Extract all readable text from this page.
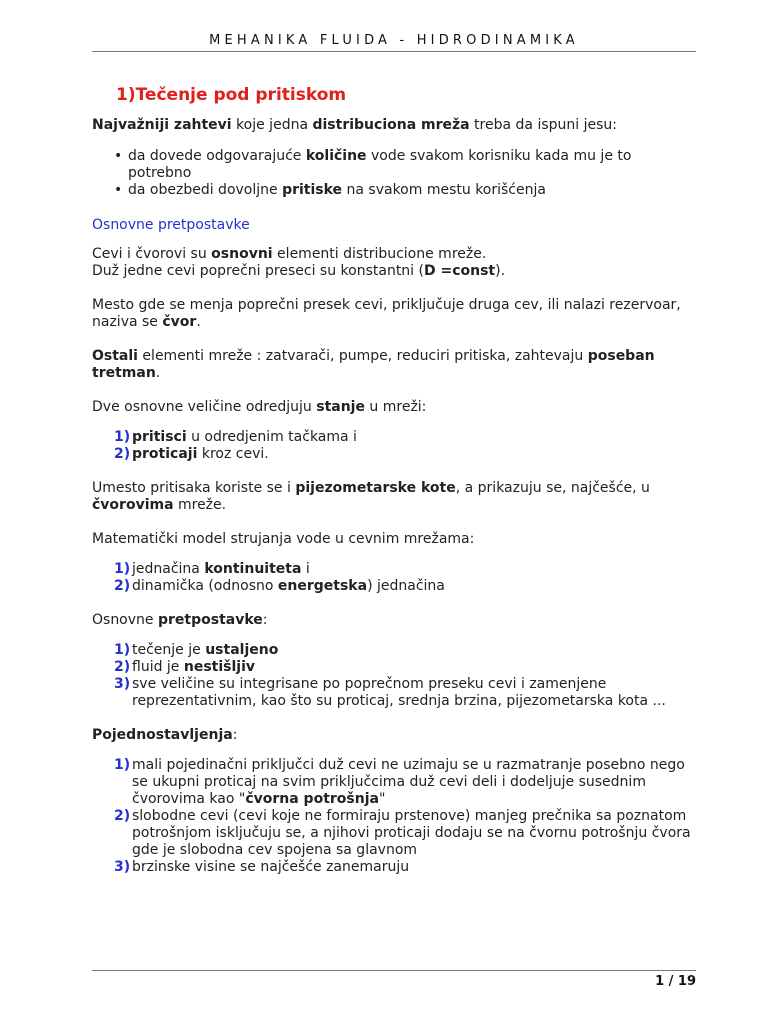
MEHANIKA FLUIDA - HIDRODINAMIKA
1)Tečenje pod pritiskom

Najvažniji zahtevi koje jedna distribuciona mreža treba da ispuni jesu:

• da dovede odgovarajuće količine vode svakom korisniku kada mu je to potrebno
• da obezbedi dovoljne pritiske na svakom mestu korišćenja

Osnovne pretpostavke

Cevi i čvorovi su osnovni elementi distribucione mreže.
Duž jedne cevi poprečni preseci su konstantni (D =const).

Mesto gde se menja poprečni presek cevi, priključuje druga cev, ili nalazi rezervoar, naziva se čvor.

Ostali elementi mreže : zatvarači, pumpe, reduciri pritiska, zahtevaju poseban tretman.

Dve osnovne veličine odredjuju stanje u mreži:

1) pritisci u odredjenim tačkama i
2) proticaji kroz cevi.

Umesto pritisaka koriste se i pijezometarske kote, a prikazuju se, najčešće, u čvorovima mreže.

Matematički model strujanja vode u cevnim mrežama:

1) jednačina kontinuiteta i
2) dinamička (odnosno energetska) jednačina

Osnovne pretpostavke:

1) tečenje je ustaljeno
2) fluid je nestišljiv
3) sve veličine su integrisane po poprečnom preseku cevi i zamenjene reprezentativnim, kao što su proticaj, srednja brzina, pijezometarska kota ...

Pojednostavljenja:

1) mali pojedinačni priključci duž cevi ne uzimaju se u razmatranje posebno nego se ukupni proticaj na svim priključcima duž cevi deli i dodeljuje susednim čvorovima kao "čvorna potrošnja"
2) slobodne cevi (cevi koje ne formiraju prstenove) manjeg prečnika sa poznatom potrošnjom isključuju se, a njihovi proticaji dodaju se na čvornu potrošnju čvora gde je slobodna cev spojena sa glavnom
3) brzinske visine se najčešće zanemaruju
1 / 19
